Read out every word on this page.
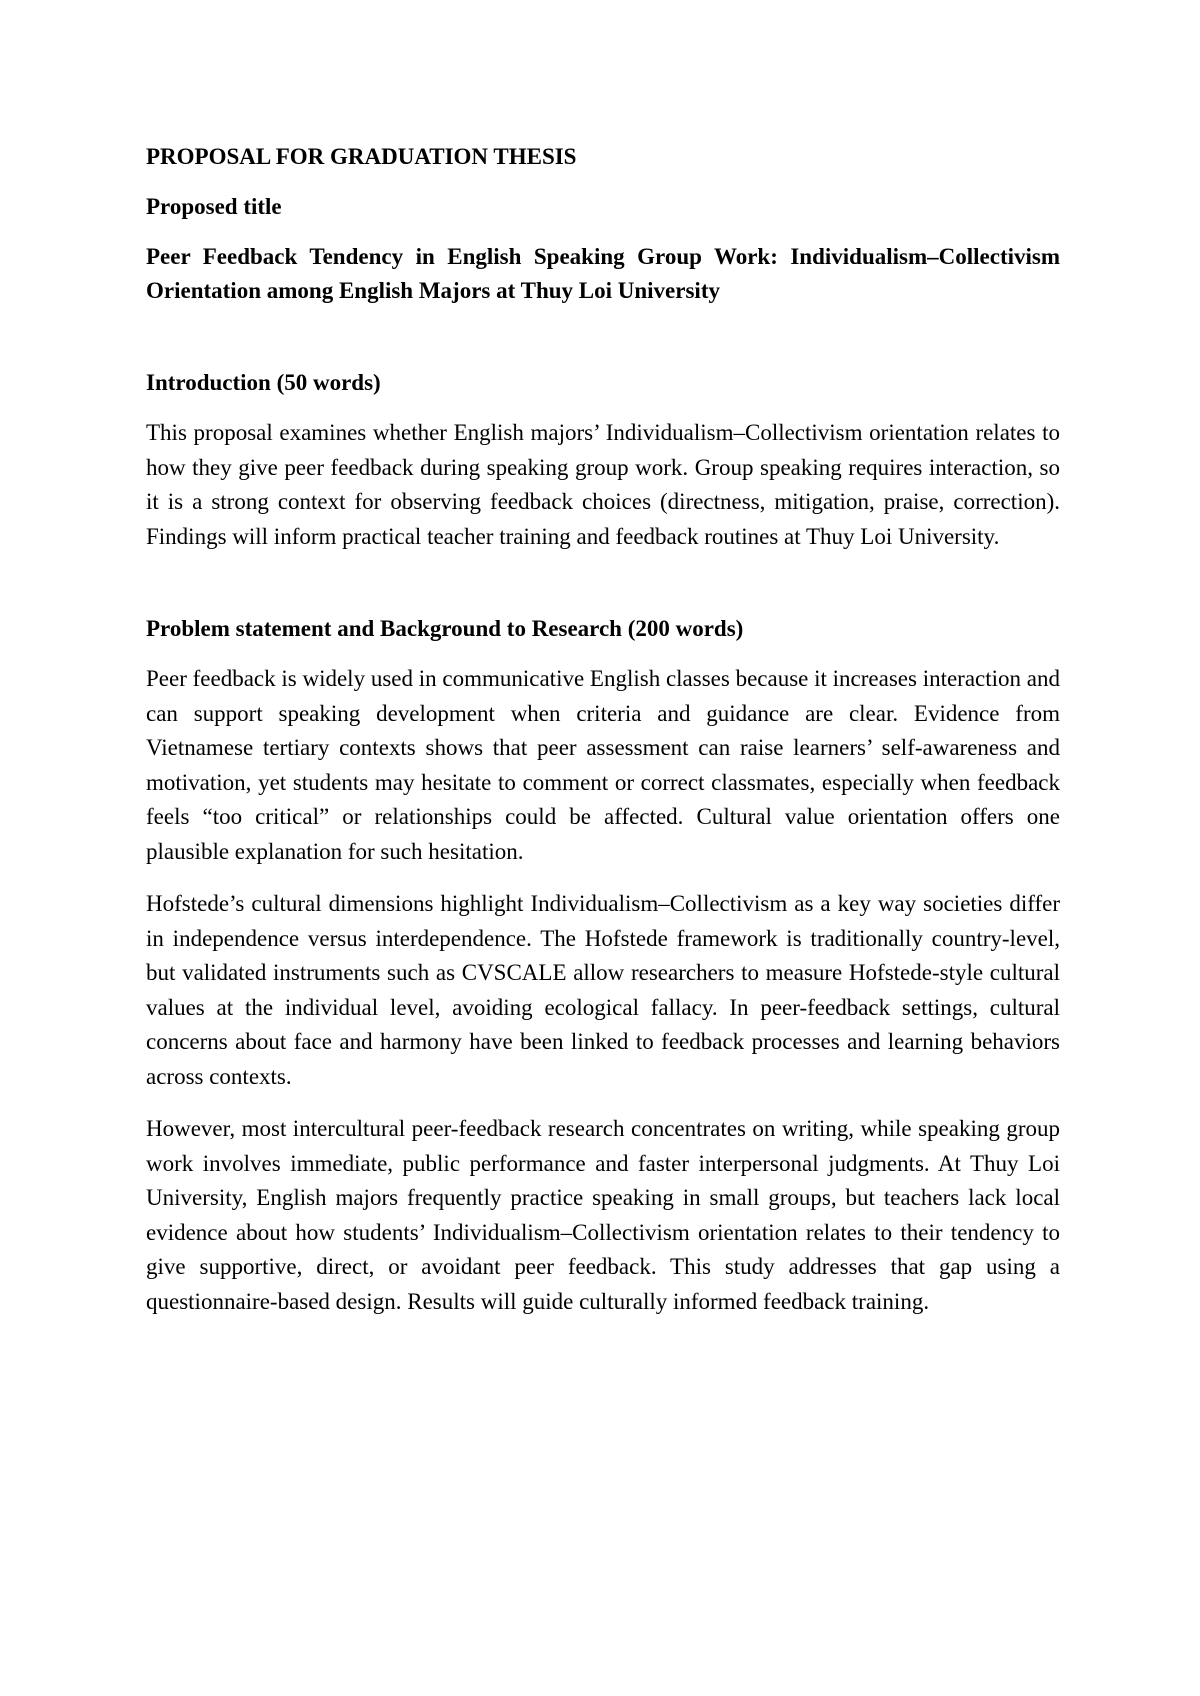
PROPOSAL FOR GRADUATION THESIS
Proposed title
Peer Feedback Tendency in English Speaking Group Work: Individualism–Collectivism Orientation among English Majors at Thuy Loi University
Introduction (50 words)

This proposal examines whether English majors’ Individualism–Collectivism orientation relates to how they give peer feedback during speaking group work. Group speaking requires interaction, so it is a strong context for observing feedback choices (directness, mitigation, praise, correction). Findings will inform practical teacher training and feedback routines at Thuy Loi University.

Problem statement and Background to Research (200 words)

Peer feedback is widely used in communicative English classes because it increases interaction and can support speaking development when criteria and guidance are clear. Evidence from Vietnamese tertiary contexts shows that peer assessment can raise learners’ self-awareness and motivation, yet students may hesitate to comment or correct classmates, especially when feedback feels “too critical” or relationships could be affected. Cultural value orientation offers one plausible explanation for such hesitation.

Hofstede’s cultural dimensions highlight Individualism–Collectivism as a key way societies differ in independence versus interdependence. The Hofstede framework is traditionally country-level, but validated instruments such as CVSCALE allow researchers to measure Hofstede-style cultural values at the individual level, avoiding ecological fallacy. In peer-feedback settings, cultural concerns about face and harmony have been linked to feedback processes and learning behaviors across contexts.

However, most intercultural peer-feedback research concentrates on writing, while speaking group work involves immediate, public performance and faster interpersonal judgments. At Thuy Loi University, English majors frequently practice speaking in small groups, but teachers lack local evidence about how students’ Individualism–Collectivism orientation relates to their tendency to give supportive, direct, or avoidant peer feedback. This study addresses that gap using a questionnaire-based design. Results will guide culturally informed feedback training.
